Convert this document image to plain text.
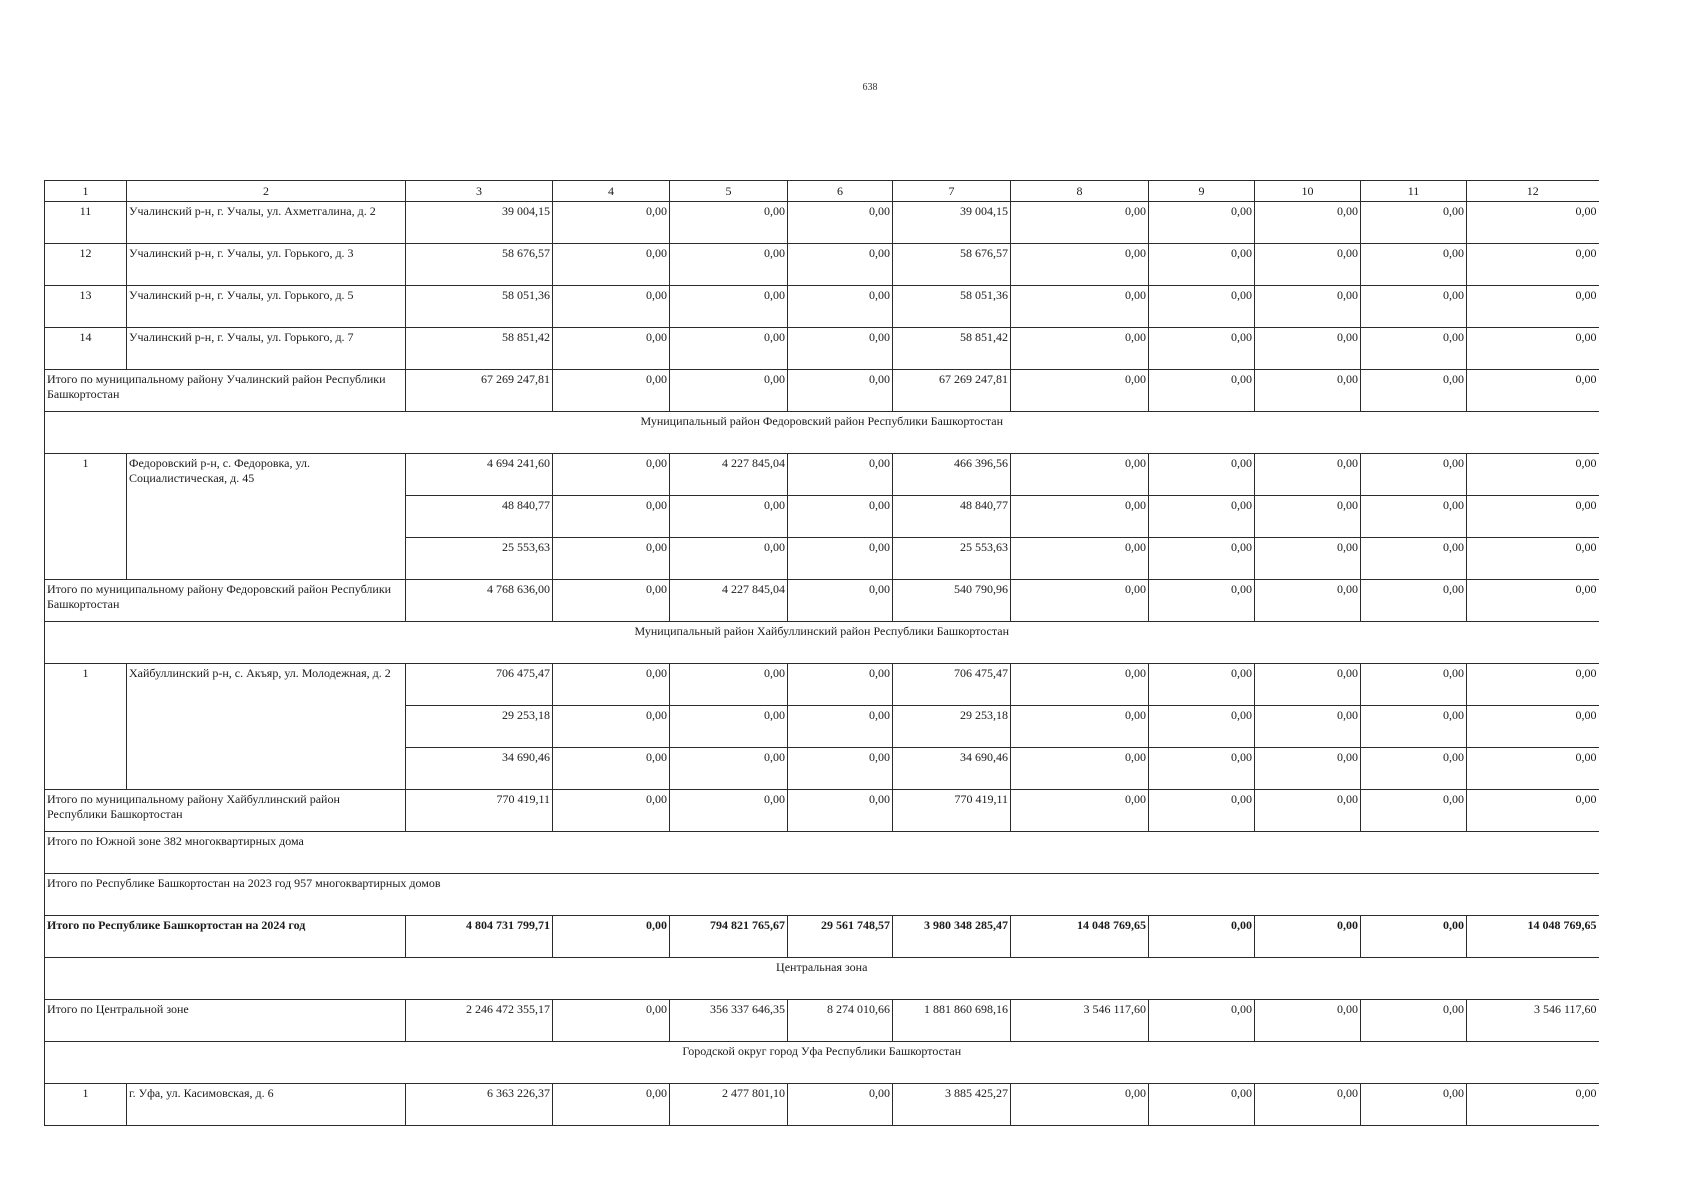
638
1	2	3	4	5	6	7	8	9	10	11	12
11	Учалинский р-н, г. Учалы, ул. Ахметгалина, д. 2	39 004,15	0,00	0,00	0,00	39 004,15	0,00	0,00	0,00	0,00	0,00
12	Учалинский р-н, г. Учалы, ул. Горького, д. 3	58 676,57	0,00	0,00	0,00	58 676,57	0,00	0,00	0,00	0,00	0,00
13	Учалинский р-н, г. Учалы, ул. Горького, д. 5	58 051,36	0,00	0,00	0,00	58 051,36	0,00	0,00	0,00	0,00	0,00
14	Учалинский р-н, г. Учалы, ул. Горького, д. 7	58 851,42	0,00	0,00	0,00	58 851,42	0,00	0,00	0,00	0,00	0,00
Итого по муниципальному району Учалинский район Республики Башкортостан		67 269 247,81	0,00	0,00	0,00	67 269 247,81	0,00	0,00	0,00	0,00	0,00
Муниципальный район Федоровский район Республики Башкортостан											
1	Федоровский р-н, с. Федоровка, ул. Социалистическая, д. 45	4 694 241,60	0,00	4 227 845,04	0,00	466 396,56	0,00	0,00	0,00	0,00	0,00
		48 840,77	0,00	0,00	0,00	48 840,77	0,00	0,00	0,00	0,00	0,00
		25 553,63	0,00	0,00	0,00	25 553,63	0,00	0,00	0,00	0,00	0,00
Итого по муниципальному району Федоровский район Республики Башкортостан		4 768 636,00	0,00	4 227 845,04	0,00	540 790,96	0,00	0,00	0,00	0,00	0,00
Муниципальный район Хайбуллинский район Республики Башкортостан											
1	Хайбуллинский р-н, с. Акъяр, ул. Молодежная, д. 2	706 475,47	0,00	0,00	0,00	706 475,47	0,00	0,00	0,00	0,00	0,00
		29 253,18	0,00	0,00	0,00	29 253,18	0,00	0,00	0,00	0,00	0,00
		34 690,46	0,00	0,00	0,00	34 690,46	0,00	0,00	0,00	0,00	0,00
Итого по муниципальному району Хайбуллинский район Республики Башкортостан		770 419,11	0,00	0,00	0,00	770 419,11	0,00	0,00	0,00	0,00	0,00
Итого по Южной зоне 382 многоквартирных дома											
Итого по Республике Башкортостан на 2023 год 957 многоквартирных домов											
Итого по Республике Башкортостан на 2024 год		4 804 731 799,71	0,00	794 821 765,67	29 561 748,57	3 980 348 285,47	14 048 769,65	0,00	0,00	0,00	14 048 769,65
Центральная зона											
Итого по Центральной зоне		2 246 472 355,17	0,00	356 337 646,35	8 274 010,66	1 881 860 698,16	3 546 117,60	0,00	0,00	0,00	3 546 117,60
Городской округ город Уфа Республики Башкортостан											
1	г. Уфа, ул. Касимовская, д. 6	6 363 226,37	0,00	2 477 801,10	0,00	3 885 425,27	0,00	0,00	0,00	0,00	0,00
